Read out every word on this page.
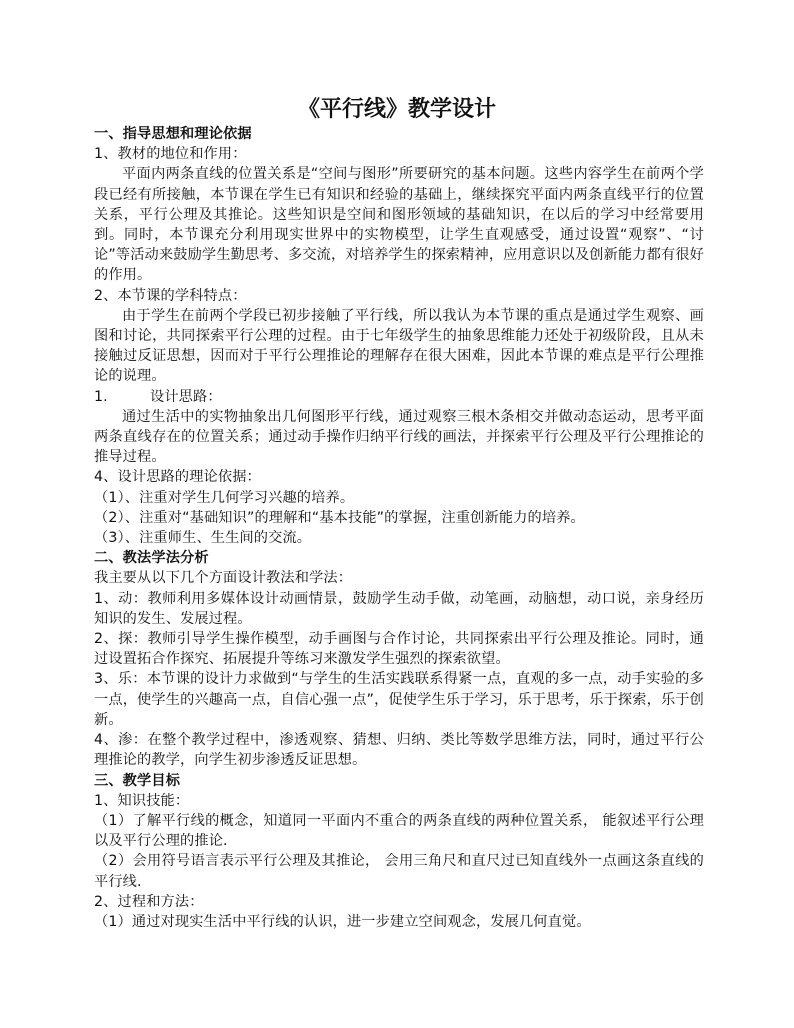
《平行线》教学设计

一、指导思想和理论依据

1、教材的地位和作用：

平面内两条直线的位置关系是“空间与图形”所要研究的基本问题。这些内容学生在前两个学段已经有所接触，本节课在学生已有知识和经验的基础上，继续探究平面内两条直线平行的位置关系，平行公理及其推论。这些知识是空间和图形领域的基础知识，在以后的学习中经常要用到。同时，本节课充分利用现实世界中的实物模型，让学生直观感受，通过设置“观察”、“讨论”等活动来鼓励学生勤思考、多交流，对培养学生的探索精神，应用意识以及创新能力都有很好的作用。

2、本节课的学科特点：

由于学生在前两个学段已初步接触了平行线，所以我认为本节课的重点是通过学生观察、画图和讨论，共同探索平行公理的过程。由于七年级学生的抽象思维能力还处于初级阶段，且从未接触过反证思想，因而对于平行公理推论的理解存在很大困难，因此本节课的难点是平行公理推论的说理。

1.	设计思路：

通过生活中的实物抽象出几何图形平行线，通过观察三根木条相交并做动态运动，思考平面两条直线存在的位置关系；通过动手操作归纳平行线的画法，并探索平行公理及平行公理推论的推导过程。

4、设计思路的理论依据：

（1）、注重对学生几何学习兴趣的培养。

（2）、注重对“基础知识”的理解和“基本技能”的掌握，注重创新能力的培养。

（3）、注重师生、生生间的交流。

二、教法学法分析

我主要从以下几个方面设计教法和学法：

1、动：教师利用多媒体设计动画情景，鼓励学生动手做，动笔画，动脑想，动口说，亲身经历知识的发生、发展过程。

2、探：教师引导学生操作模型，动手画图与合作讨论，共同探索出平行公理及推论。同时，通过设置拓合作探究、拓展提升等练习来激发学生强烈的探索欲望。

3、乐：本节课的设计力求做到“与学生的生活实践联系得紧一点，直观的多一点，动手实验的多一点，使学生的兴趣高一点，自信心强一点”，促使学生乐于学习，乐于思考，乐于探索，乐于创新。

4、渗：在整个教学过程中，渗透观察、猜想、归纳、类比等数学思维方法，同时，通过平行公理推论的教学，向学生初步渗透反证思想。

三、教学目标

1、知识技能：

（1）了解平行线的概念，知道同一平面内不重合的两条直线的两种位置关系， 能叙述平行公理以及平行公理的推论.

（2）会用符号语言表示平行公理及其推论， 会用三角尺和直尺过已知直线外一点画这条直线的平行线.

2、过程和方法：

（1）通过对现实生活中平行线的认识，进一步建立空间观念，发展几何直觉。
